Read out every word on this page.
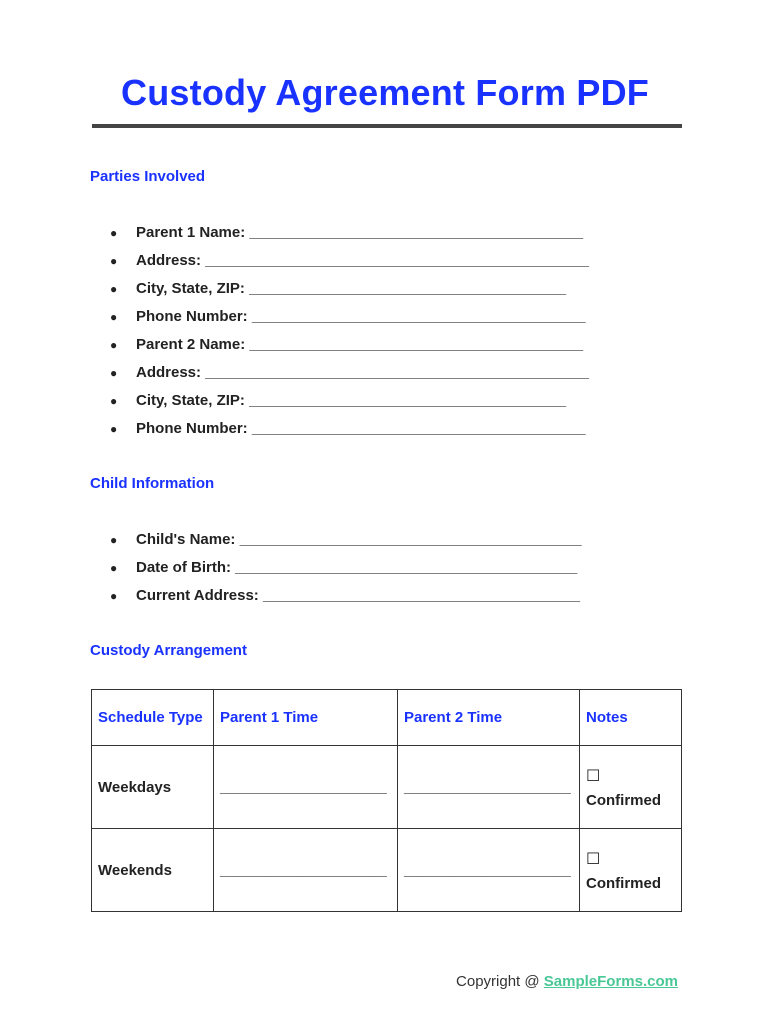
Custody Agreement Form PDF
Parties Involved
● Parent 1 Name: ________________________________________
● Address: ______________________________________________
● City, State, ZIP: ______________________________________
● Phone Number: ________________________________________
● Parent 2 Name: ________________________________________
● Address: ______________________________________________
● City, State, ZIP: ______________________________________
● Phone Number: ________________________________________
Child Information
● Child's Name: _________________________________________
● Date of Birth: _________________________________________
● Current Address: ______________________________________
Custody Arrangement
Schedule Type	Parent 1 Time	Parent 2 Time	Notes
Weekdays	____________________	____________________	☐
Confirmed
Weekends	____________________	____________________	☐
Confirmed
Copyright @ SampleForms.com
